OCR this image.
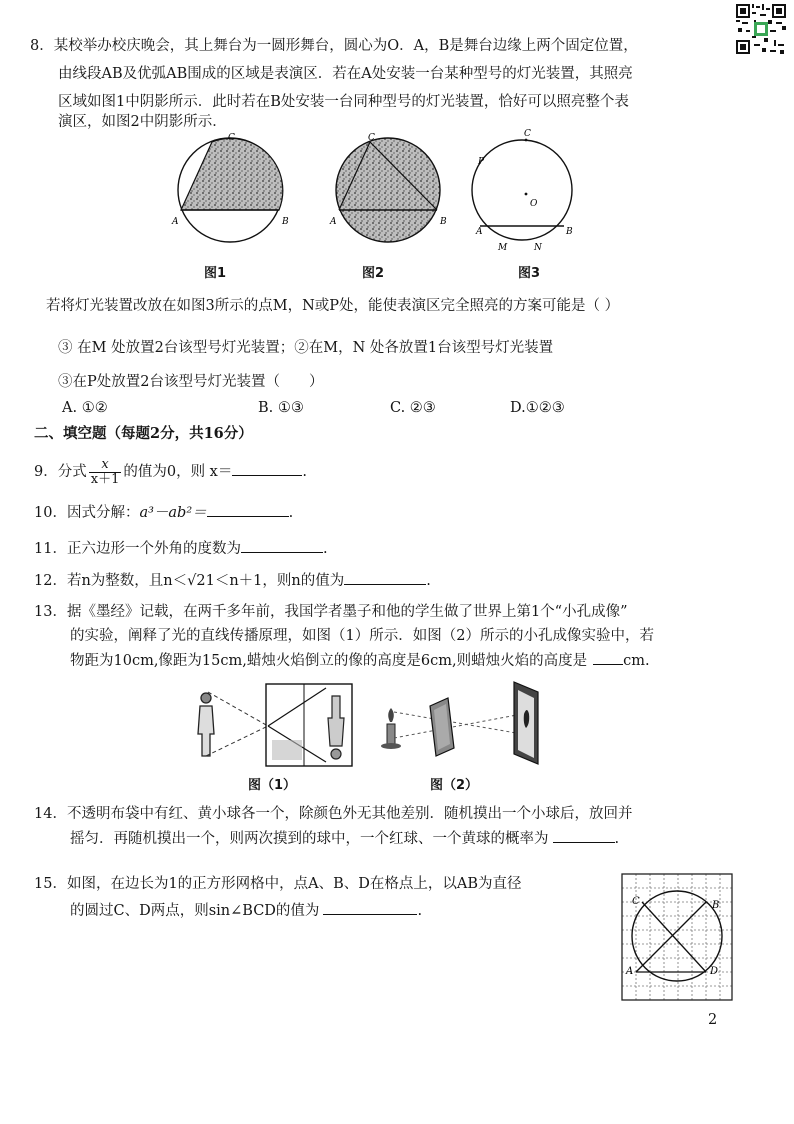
8．某校举办校庆晚会，其上舞台为一圆形舞台，圆心为O．A，B是舞台边缘上两个固定位置，
由线段AB及优弧AB围成的区域是表演区．若在A处安装一台某种型号的灯光装置，其照亮
区域如图1中阴影所示．此时若在B处安装一台同种型号的灯光装置，恰好可以照亮整个表
演区，如图2中阴影所示．
C
A	B
图1
C
A	B
图2
C
O
P
A	B
M	N
图3
若将灯光装置改放在如图3所示的点M，N或P处，能使表演区完全照亮的方案可能是（ ）
③ 在M 处放置2台该型号灯光装置；②在M，N 处各放置1台该型号灯光装置
③在P处放置2台该型号灯光装置（　　）
A. ①②	B. ①③	C. ②③	D.①②③
二、填空题（每题2分，共16分）
9．分式 $\frac{x}{x+1}$ 的值为0，则 x＝	.
10．因式分解：a³－ab²＝	.
11．正六边形一个外角的度数为	.
12．若n为整数，且n＜√21＜n＋1，则n的值为	.
13．据《墨经》记载，在两千多年前，我国学者墨子和他的学生做了世界上第1个“小孔成像”
的实验，阐释了光的直线传播原理，如图（1）所示．如图（2）所示的小孔成像实验中，若
物距为10cm,像距为15cm,蜡烛火焰倒立的像的高度是6cm,则蜡烛火焰的高度是 cm.
图（1）	图（2）
14．不透明布袋中有红、黄小球各一个，除颜色外无其他差别．随机摸出一个小球后，放回并
摇匀．再随机摸出一个，则两次摸到的球中，一个红球、一个黄球的概率为	.
15．如图，在边长为1的正方形网格中，点A、B、D在格点上，以AB为直径
的圆过C、D两点，则sin∠BCD的值为	.
C	B
A	D
2
